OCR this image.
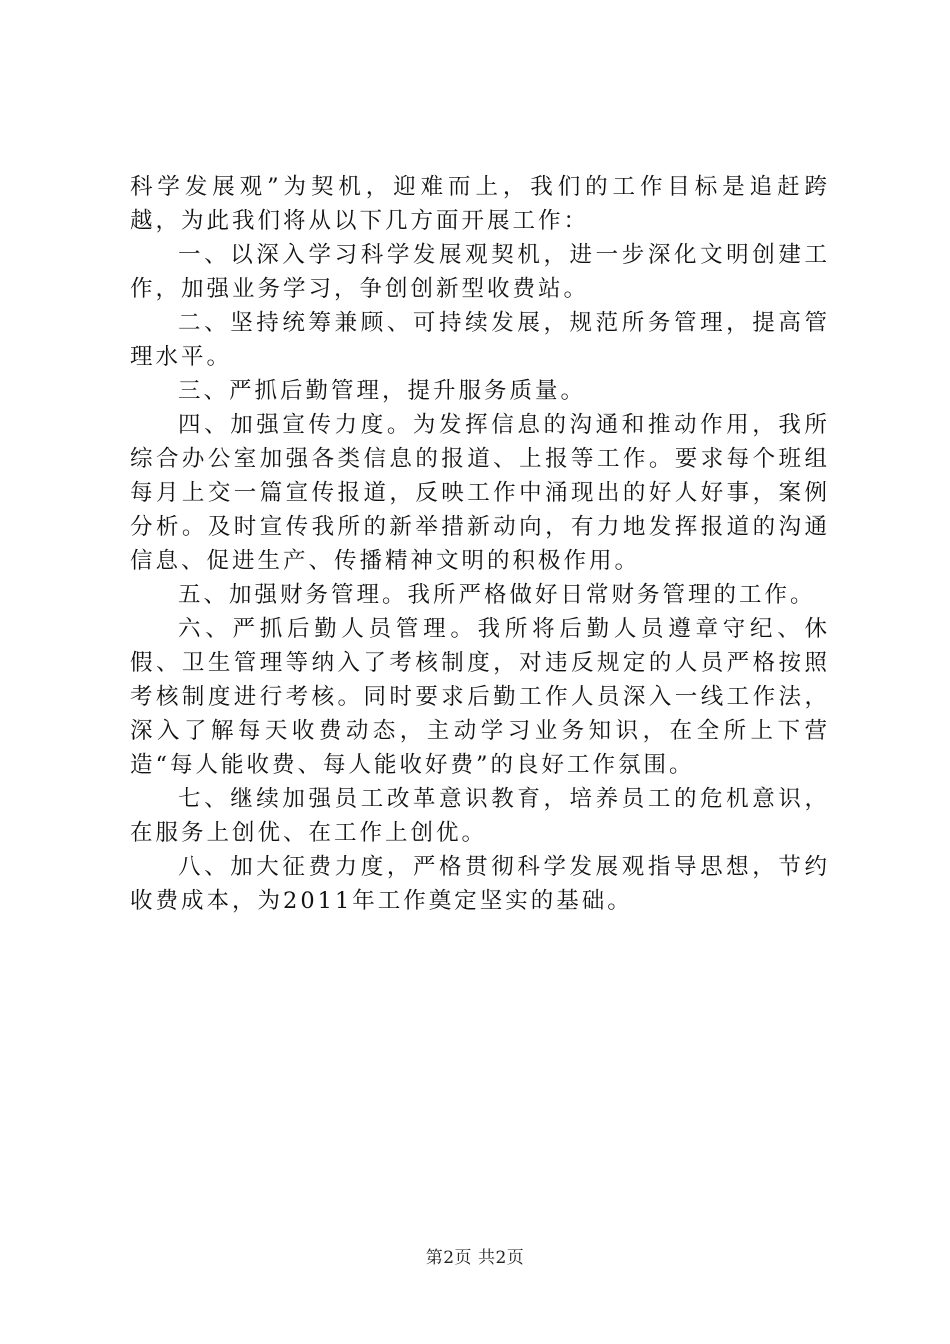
科学发展观”为契机，迎难而上，我们的工作目标是追赶跨越，为此我们将从以下几方面开展工作：

一、以深入学习科学发展观契机，进一步深化文明创建工作，加强业务学习，争创创新型收费站。

二、坚持统筹兼顾、可持续发展，规范所务管理，提高管理水平。

三、严抓后勤管理，提升服务质量。

四、加强宣传力度。为发挥信息的沟通和推动作用，我所综合办公室加强各类信息的报道、上报等工作。要求每个班组每月上交一篇宣传报道，反映工作中涌现出的好人好事，案例分析。及时宣传我所的新举措新动向，有力地发挥报道的沟通信息、促进生产、传播精神文明的积极作用。

五、加强财务管理。我所严格做好日常财务管理的工作。

六、严抓后勤人员管理。我所将后勤人员遵章守纪、休假、卫生管理等纳入了考核制度，对违反规定的人员严格按照考核制度进行考核。同时要求后勤工作人员深入一线工作法，深入了解每天收费动态，主动学习业务知识，在全所上下营造“每人能收费、每人能收好费”的良好工作氛围。

七、继续加强员工改革意识教育，培养员工的危机意识，在服务上创优、在工作上创优。

八、加大征费力度，严格贯彻科学发展观指导思想，节约收费成本，为2011年工作奠定坚实的基础。

第2页 共2页
